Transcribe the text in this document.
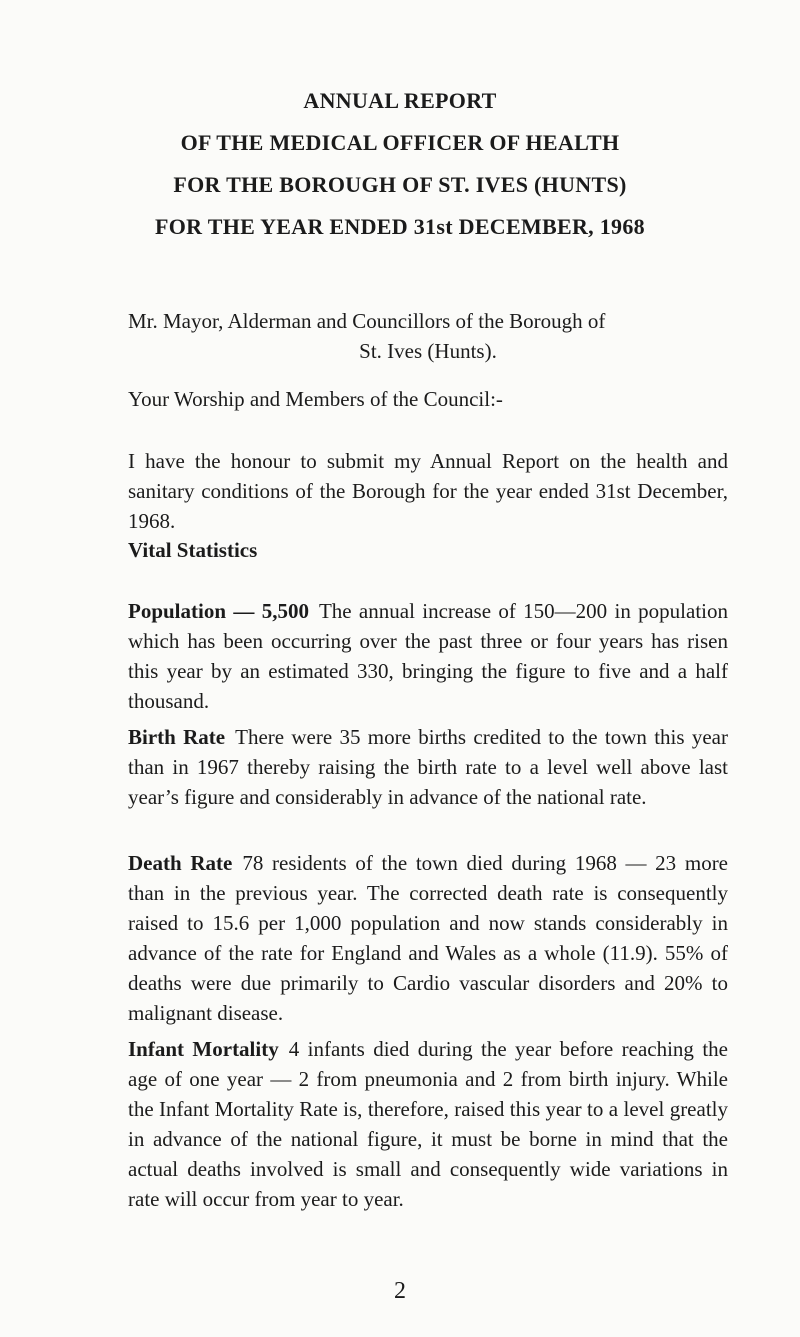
ANNUAL REPORT
OF THE MEDICAL OFFICER OF HEALTH
FOR THE BOROUGH OF ST. IVES (HUNTS)
FOR THE YEAR ENDED 31st DECEMBER, 1968
Mr. Mayor, Alderman and Councillors of the Borough of
St. Ives (Hunts).
Your Worship and Members of the Council:-
I have the honour to submit my Annual Report on the health and sanitary conditions of the Borough for the year ended 31st December, 1968.
Vital Statistics
Population — 5,500 The annual increase of 150—200 in population which has been occurring over the past three or four years has risen this year by an estimated 330, bringing the figure to five and a half thousand.
Birth Rate There were 35 more births credited to the town this year than in 1967 thereby raising the birth rate to a level well above last year’s figure and considerably in advance of the national rate.
Death Rate 78 residents of the town died during 1968 — 23 more than in the previous year. The corrected death rate is consequently raised to 15.6 per 1,000 population and now stands considerably in advance of the rate for England and Wales as a whole (11.9). 55% of deaths were due primarily to Cardio vascular disorders and 20% to malignant disease.
Infant Mortality 4 infants died during the year before reaching the age of one year — 2 from pneumonia and 2 from birth injury. While the Infant Mortality Rate is, therefore, raised this year to a level greatly in advance of the national figure, it must be borne in mind that the actual deaths involved is small and consequently wide variations in rate will occur from year to year.
2
